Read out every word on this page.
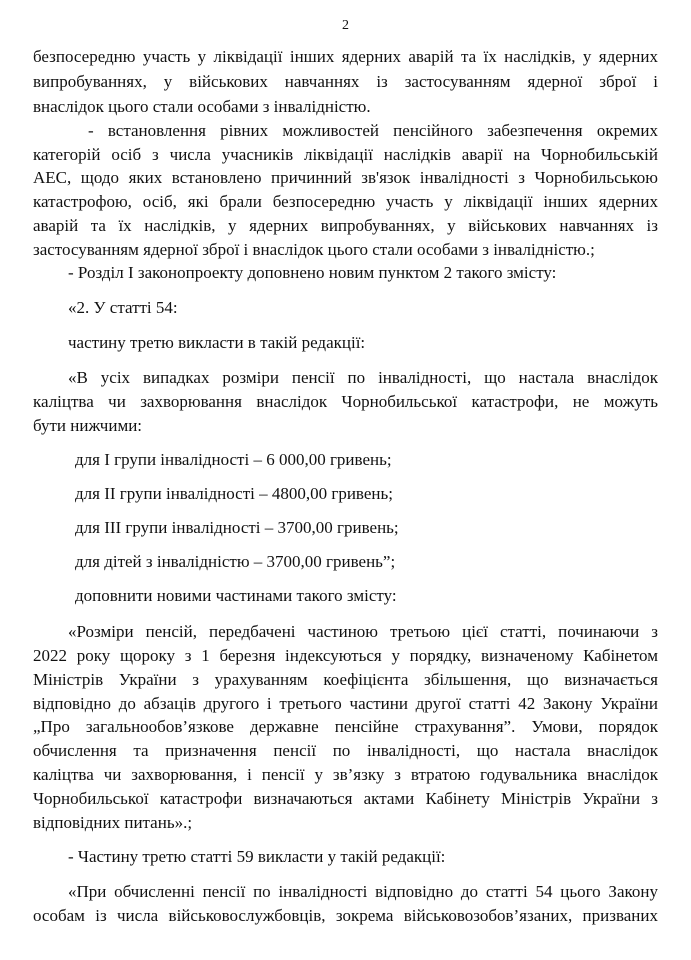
2
безпосередню участь у ліквідації інших ядерних аварій та їх наслідків, у ядерних
випробуваннях, у військових навчаннях із застосуванням ядерної зброї і
внаслідок цього стали особами з інвалідністю.
- встановлення рівних можливостей пенсійного забезпечення окремих
категорій осіб з числа учасників ліквідації наслідків аварії на Чорнобильській
АЕС, щодо яких встановлено причинний зв'язок інвалідності з Чорнобильською
катастрофою, осіб, які брали безпосередню участь у ліквідації інших ядерних
аварій та їх наслідків, у ядерних випробуваннях, у військових навчаннях із
застосуванням ядерної зброї і внаслідок цього стали особами з інвалідністю.;
- Розділ І законопроекту доповнено новим пунктом 2 такого змісту:
«2. У статті 54:
частину третю викласти в такій редакції:
«В усіх випадках розміри пенсії по інвалідності, що настала внаслідок
каліцтва чи захворювання внаслідок Чорнобильської катастрофи, не можуть
бути нижчими:
для I групи інвалідності – 6 000,00 гривень;
для II групи інвалідності – 4800,00 гривень;
для III групи інвалідності – 3700,00 гривень;
для дітей з інвалідністю – 3700,00 гривень”;
доповнити новими частинами такого змісту:
«Розміри пенсій, передбачені частиною третьою цієї статті, починаючи з
2022 року щороку з 1 березня індексуються у порядку, визначеному Кабінетом
Міністрів України з урахуванням коефіцієнта збільшення, що визначається
відповідно до абзаців другого і третього частини другої статті 42 Закону України
„Про загальнообов’язкове державне пенсійне страхування”. Умови, порядок
обчислення та призначення пенсії по інвалідності, що настала внаслідок
каліцтва чи захворювання, і пенсії у зв’язку з втратою годувальника внаслідок
Чорнобильської катастрофи визначаються актами Кабінету Міністрів України з
відповідних питань».;
- Частину третю статті 59 викласти у такій редакції:
«При обчисленні пенсії по інвалідності відповідно до статті 54 цього Закону
особам із числа військовослужбовців, зокрема військовозобов’язаних, призваних
